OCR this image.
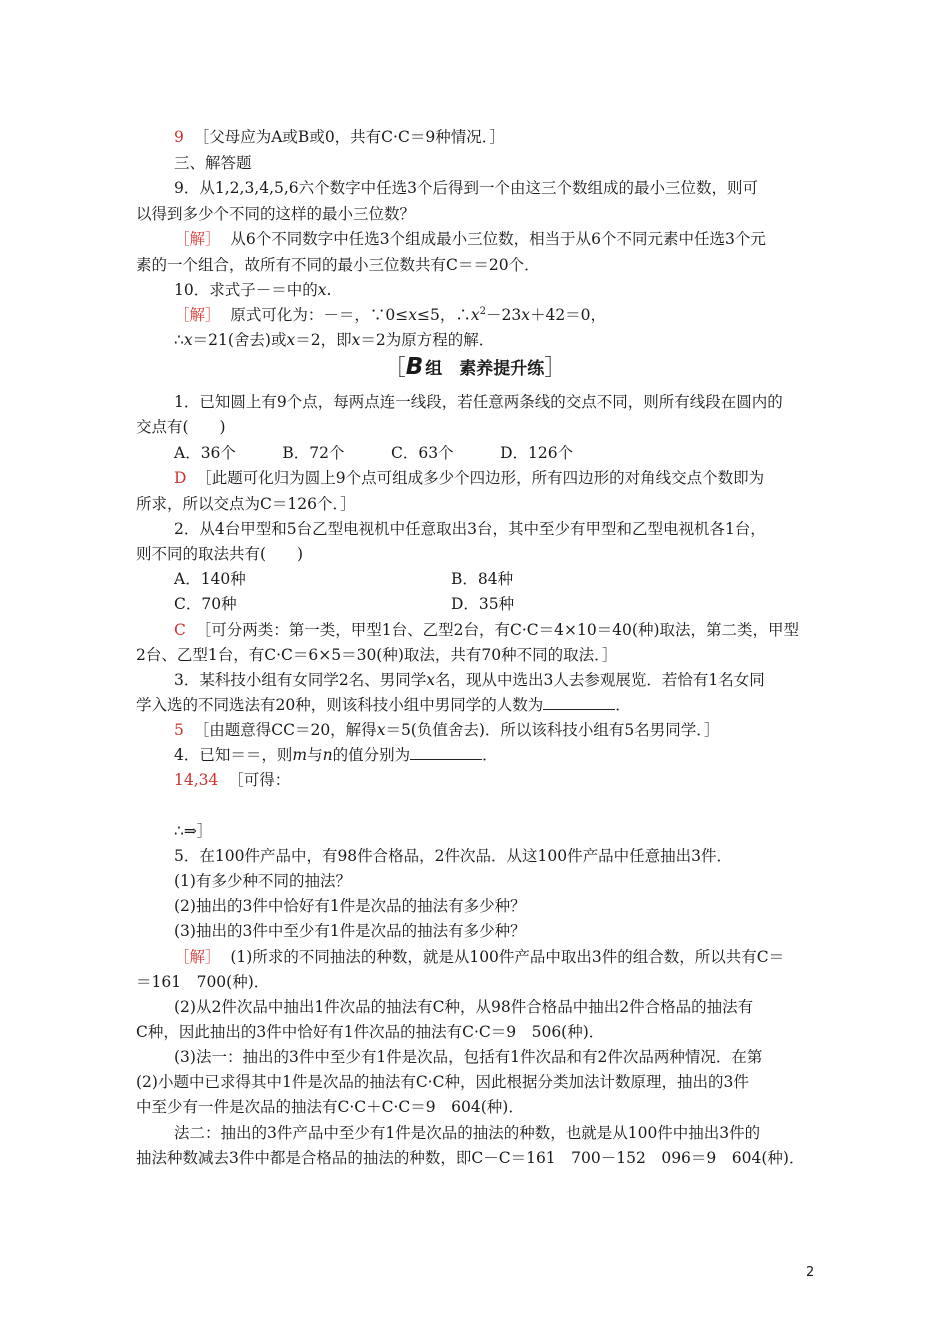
9 ［父母应为A或B或0，共有C·C＝9种情况．］
三、解答题
9．从1,2,3,4,5,6六个数字中任选3个后得到一个由这三个数组成的最小三位数，则可
以得到多少个不同的这样的最小三位数？
［解］ 从6个不同数字中任选3个组成最小三位数，相当于从6个不同元素中任选3个元
素的一个组合，故所有不同的最小三位数共有C＝＝20个．
10．求式子－＝中的x.
［解］ 原式可化为：－＝，∵0≤x≤5，$\therefore x^2-23x+42=0$，
∴x＝21(舍去)或x＝2，即x＝2为原方程的解．
［B 组　素养提升练］
1．已知圆上有9个点，每两点连一线段，若任意两条线的交点不同，则所有线段在圆内的
交点有(　　)
A．36个　　　B．72个　　　C．63个　　　D．126个
D ［此题可化归为圆上9个点可组成多少个四边形，所有四边形的对角线交点个数即为
所求，所以交点为C＝126个．］
2．从4台甲型和5台乙型电视机中任意取出3台，其中至少有甲型和乙型电视机各1台，
则不同的取法共有(　　)
A．140种	B．84种
C．70种	D．35种
C ［可分两类：第一类，甲型1台、乙型2台，有C·C＝4×10＝40(种)取法，第二类，甲型
2台、乙型1台，有C·C＝6×5＝30(种)取法，共有70种不同的取法．］
3．某科技小组有女同学2名、男同学x名，现从中选出3人去参观展览．若恰有1名女同
学入选的不同选法有20种，则该科技小组中男同学的人数为	．
5 ［由题意得CC＝20，解得x＝5(负值舍去)．所以该科技小组有5名男同学．］
4．已知＝＝，则m与n的值分别为	．
14,34 ［可得：
∴⇒］
5．在100件产品中，有98件合格品，2件次品．从这100件产品中任意抽出3件．
(1)有多少种不同的抽法？
(2)抽出的3件中恰好有1件是次品的抽法有多少种？
(3)抽出的3件中至少有1件是次品的抽法有多少种？
［解］ (1)所求的不同抽法的种数，就是从100件产品中取出3件的组合数，所以共有C＝
＝161　700(种)．
(2)从2件次品中抽出1件次品的抽法有C种，从98件合格品中抽出2件合格品的抽法有
C种，因此抽出的3件中恰好有1件次品的抽法有C·C＝9　506(种)．
(3)法一：抽出的3件中至少有1件是次品，包括有1件次品和有2件次品两种情况．在第
(2)小题中已求得其中1件是次品的抽法有C·C种，因此根据分类加法计数原理，抽出的3件
中至少有一件是次品的抽法有C·C＋C·C＝9　604(种)．
法二：抽出的3件产品中至少有1件是次品的抽法的种数，也就是从100件中抽出3件的
抽法种数减去3件中都是合格品的抽法的种数，即C－C＝161　700－152　096＝9　604(种)．
2
